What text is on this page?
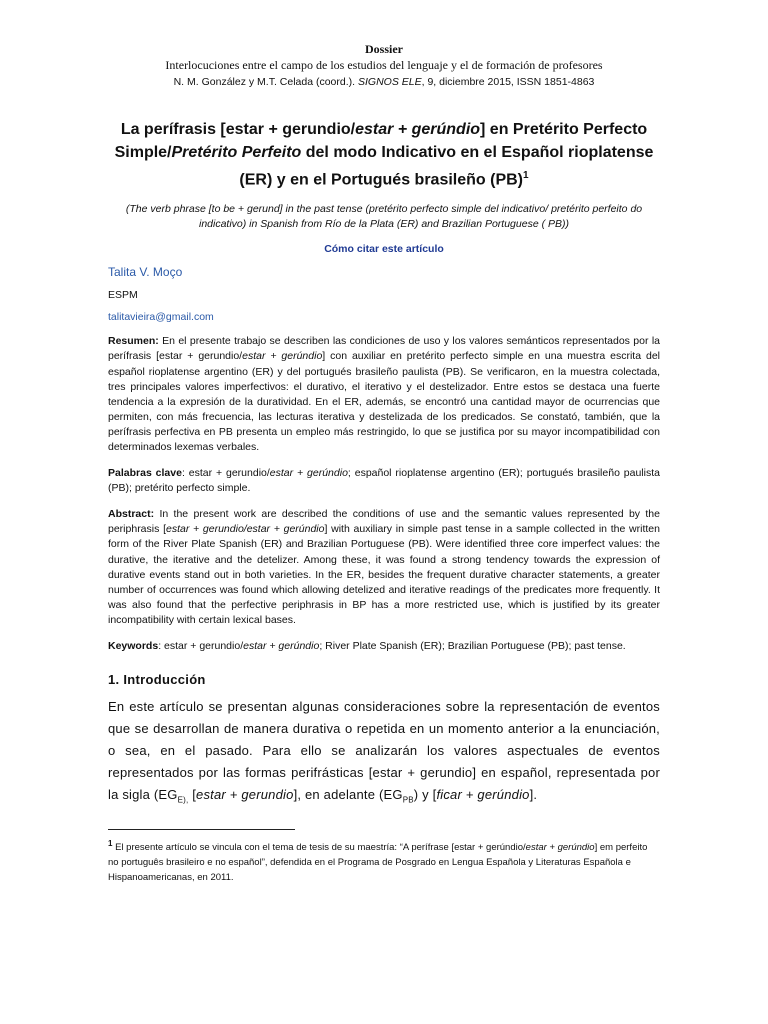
Dossier
Interlocuciones entre el campo de los estudios del lenguaje y el de formación de profesores
N. M. González y M.T. Celada (coord.). SIGNOS ELE, 9, diciembre 2015, ISSN 1851-4863
La perífrasis [estar + gerundio/estar + gerúndio] en Pretérito Perfecto Simple/Pretérito Perfeito del modo Indicativo en el Español rioplatense (ER) y en el Portugués brasileño (PB)$^1$
(The verb phrase [to be + gerund] in the past tense (pretérito perfecto simple del indicativo/ pretérito perfeito do indicativo) in Spanish from Río de la Plata (ER) and Brazilian Portuguese ( PB))
Cómo citar este artículo
Talita V. Moço
ESPM
talitavieira@gmail.com
Resumen: En el presente trabajo se describen las condiciones de uso y los valores semánticos representados por la perífrasis [estar + gerundio/estar + gerúndio] con auxiliar en pretérito perfecto simple en una muestra escrita del español rioplatense argentino (ER) y del portugués brasileño paulista (PB). Se verificaron, en la muestra colectada, tres principales valores imperfectivos: el durativo, el iterativo y el destelizador. Entre estos se destaca una fuerte tendencia a la expresión de la duratividad. En el ER, además, se encontró una cantidad mayor de ocurrencias que permiten, con más frecuencia, las lecturas iterativa y destelizada de los predicados. Se constató, también, que la perífrasis perfectiva en PB presenta un empleo más restringido, lo que se justifica por su mayor incompatibilidad con determinados lexemas verbales.
Palabras clave: estar + gerundio/estar + gerúndio; español rioplatense argentino (ER); portugués brasileño paulista (PB); pretérito perfecto simple.
Abstract: In the present work are described the conditions of use and the semantic values represented by the periphrasis [estar + gerundio/estar + gerúndio] with auxiliary in simple past tense in a sample collected in the written form of the River Plate Spanish (ER) and Brazilian Portuguese (PB). Were identified three core imperfect values: the durative, the iterative and the detelizer. Among these, it was found a strong tendency towards the expression of durative events stand out in both varieties. In the ER, besides the frequent durative character statements, a greater number of occurrences was found which allowing detelized and iterative readings of the predicates more frequently. It was also found that the perfective periphrasis in BP has a more restricted use, which is justified by its greater incompatibility with certain lexical bases.
Keywords: estar + gerundio/estar + gerúndio; River Plate Spanish (ER); Brazilian Portuguese (PB); past tense.
1. Introducción
En este artículo se presentan algunas consideraciones sobre la representación de eventos que se desarrollan de manera durativa o repetida en un momento anterior a la enunciación, o sea, en el pasado. Para ello se analizarán los valores aspectuales de eventos representados por las formas perifrásticas [estar + gerundio] en español, representada por la sigla ($EG_{E),}$ [estar + gerundio], en adelante $(EG_{PB})$ y [ficar + gerúndio].
$^1$ El presente artículo se vincula con el tema de tesis de su maestría: “A perífrase [estar + gerúndio/estar + gerúndio] em perfeito no português brasileiro e no español”, defendida en el Programa de Posgrado en Lengua Española y Literaturas Española e Hispanoamericanas, en 2011.
